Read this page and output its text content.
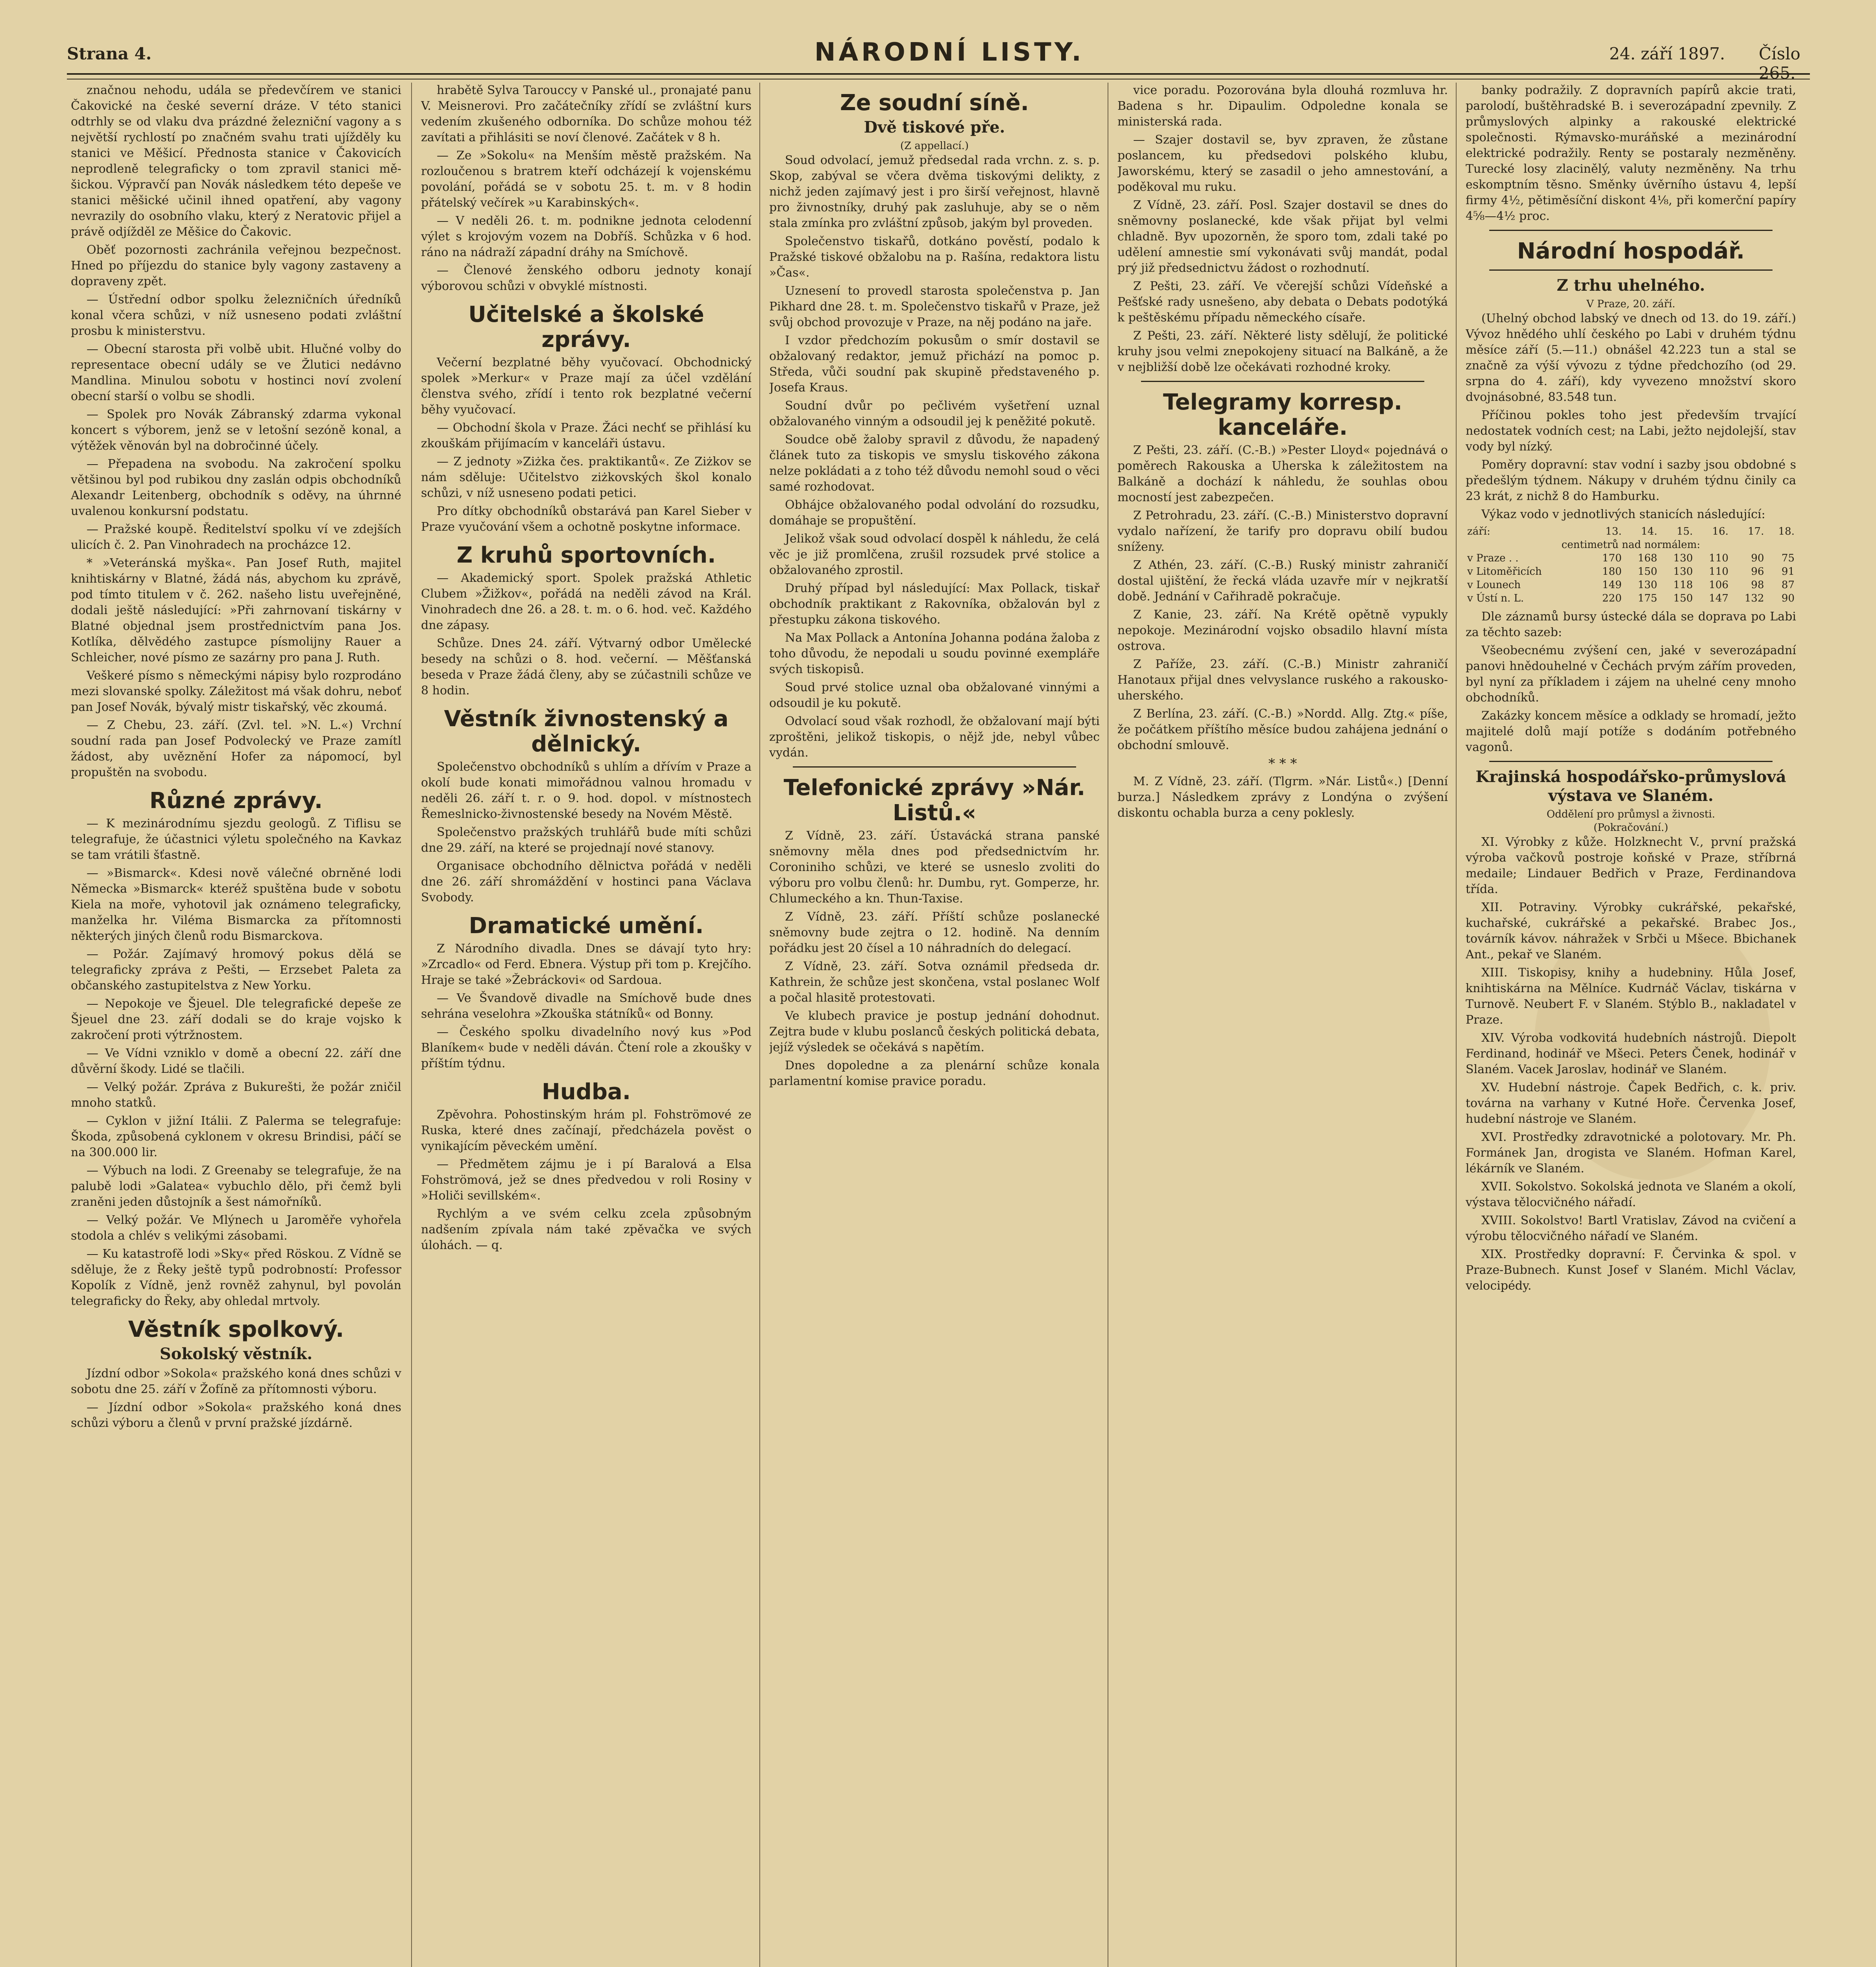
Strana 4.	NÁRODNÍ LISTY.	24. září 1897. Číslo 265.

značnou nehodu, udála se předevčírem ve stanici Čakovické na české severní dráze. V této stanici odtrhly se od vlaku dva prázdné železniční vagony a s největší rychlostí po značném svahu trati ujížděly ku stanici ve Měšicí. Přednosta stanice v Čakovicích neprodleně telegraficky o tom zpravil stanici mě-šickou. Výpravčí pan Novák následkem této depeše ve stanici měšické učinil ihned opatření, aby vagony nevrazily do osobního vlaku, který z Neratovic přijel a právě odjížděl ze Měšice do Čakovic.

Oběť pozornosti zachránila veřejnou bezpečnost. Hned po příjezdu do stanice byly vagony zastaveny a dopraveny zpět.

— Ústřední odbor spolku železničních úředníků konal včera schůzi, v níž usneseno podati zvláštní prosbu k ministerstvu.

— Obecní starosta při volbě ubit. Hlučné volby do representace obecní udály se ve Žlutici nedávno Mandlina. Minulou sobotu v hostinci noví zvolení obecní starší o volbu se shodli.

— Spolek pro Novák Zábranský zdarma vykonal koncert s výborem, jenž se v letošní sezóně konal, a výtěžek věnován byl na dobročinné účely.

— Přepadena na svobodu. Na zakročení spolku většinou byl pod rubikou dny zaslán odpis obchodníků Alexandr Leitenberg, obchodník s oděvy, na úhrnné uvalenou konkursní podstatu.

— Pražské koupě. Ředitelství spolku ví ve zdejších ulicích č. 2. Pan Vinohradech na procházce 12.

* »Veteránská myška«. Pan Josef Ruth, majitel knihtiskárny v Blatné, žádá nás, abychom ku zprávě, pod tímto titulem v č. 262. našeho listu uveřejněné, dodali ještě následující: »Při zahrnovaní tiskárny v Blatné objednal jsem prostřednictvím pana Jos. Kotlíka, dělvědého zastupce písmolijny Rauer a Schleicher, nové písmo ze sazárny pro pana J. Ruth.

Veškeré písmo s německými nápisy bylo rozprodáno mezi slovanské spolky. Záležitost má však dohru, neboť pan Josef Novák, bývalý mistr tiskařský, věc zkoumá.

— Z Chebu, 23. září. (Zvl. tel. »N. L.«) Vrchní soudní rada pan Josef Podvolecký ve Praze zamítl žádost, aby uvěznění Hofer za nápomocí, byl propuštěn na svobodu.

Různé zprávy.

— K mezinárodnímu sjezdu geologů. Z Tiflisu se telegrafuje, že účastnici výletu společného na Kavkaz se tam vrátili šťastně.

— »Bismarck«. Kdesi nově válečné obrněné lodi Německa »Bismarck« kteréž spuštěna bude v sobotu Kiela na moře, vyhotovil jak oznámeno telegraficky, manželka hr. Viléma Bismarcka za přítomnosti některých jiných členů rodu Bismarckova.

— Požár. Zajímavý hromový pokus dělá se telegraficky zpráva z Pešti, — Erzsebet Paleta za občanského zastupitelstva z New Yorku.

— Nepokoje ve Šjeuel. Dle telegrafické depeše ze Šjeuel dne 23. září dodali se do kraje vojsko k zakročení proti výtržnostem.

— Ve Vídni vzniklo v domě a obecní 22. září dne důvěrní škody. Lidé se tlačili.

— Velký požár. Zpráva z Bukurešti, že požár zničil mnoho statků.

— Cyklon v jižní Itálii. Z Palerma se telegrafuje: Škoda, způsobená cyklonem v okresu Brindisi, páčí se na 300.000 lir.

— Výbuch na lodi. Z Greenaby se telegrafuje, že na palubě lodi »Galatea« vybuchlo dělo, při čemž byli zraněni jeden důstojník a šest námořníků.

— Velký požár. Ve Mlýnech u Jaroměře vyhořela stodola a chlév s velikými zásobami.

— Ku katastrofě lodi »Sky« před Röskou. Z Vídně se sděluje, že z Řeky ještě typů podrobností: Professor Kopolík z Vídně, jenž rovněž zahynul, byl povolán telegraficky do Řeky, aby ohledal mrtvoly.

Věstník spolkový.
Sokolský věstník.

Jízdní odbor »Sokola« pražského koná dnes schůzi v sobotu dne 25. září v Žofíně za přítomnosti výboru.

— Jízdní odbor »Sokola« pražského koná dnes schůzi výboru a členů v první pražské jízdárně.

hrabětě Sylva Tarouccy v Panské ul., pronajaté panu V. Meisnerovi. Pro začátečníky zřídí se zvláštní kurs vedením zkušeného odborníka. Do schůze mohou též zavítati a přihlásiti se noví členové. Začátek v 8 h.

— Ze »Sokolu« na Menším městě pražském. Na rozloučenou s bratrem kteří odcházejí k vojenskému povolání, pořádá se v sobotu 25. t. m. v 8 hodin přátelský večírek »u Karabinských«.

— V neděli 26. t. m. podnikne jednota celodenní výlet s krojovým vozem na Dobříš. Schůzka v 6 hod. ráno na nádraží západní dráhy na Smíchově.

— Členové ženského odboru jednoty konají výborovou schůzi v obvyklé místnosti.

Učitelské a školské zprávy.

Večerní bezplatné běhy vyučovací. Obchodnický spolek »Merkur« v Praze mají za účel vzdělání členstva svého, zřídí i tento rok bezplatné večerní běhy vyučovací.

— Obchodní škola v Praze. Žáci nechť se přihlásí ku zkouškám přijímacím v kanceláři ústavu.

— Z jednoty »Ziżka čes. praktikantů«. Ze Ziżkov se nám sděluje: Učitelstvo ziżkovských škol konalo schůzi, v níž usneseno podati petici.

Pro dítky obchodníků obstarává pan Karel Sieber v Praze vyučování všem a ochotně poskytne informace.

Z kruhů sportovních.

— Akademický sport. Spolek pražská Athletic Clubem »Žižkov«, pořádá na neděli závod na Král. Vinohradech dne 26. a 28. t. m. o 6. hod. več. Každého dne zápasy.

Schůze. Dnes 24. září. Výtvarný odbor Umělecké besedy na schůzi o 8. hod. večerní. — Měšťanská beseda v Praze žádá členy, aby se zúčastnili schůze ve 8 hodin.

Věstník živnostenský a dělnický.

Společenstvo obchodníků s uhlím a dřívím v Praze a okolí bude konati mimořádnou valnou hromadu v neděli 26. září t. r. o 9. hod. dopol. v místnostech Řemeslnicko-živnostenské besedy na Novém Městě.

Společenstvo pražských truhlářů bude míti schůzi dne 29. září, na které se projednají nové stanovy.

Organisace obchodního dělnictva pořádá v neděli dne 26. září shromáždění v hostinci pana Václava Svobody.

Dramatické umění.

Z Národního divadla. Dnes se dávají tyto hry: »Zrcadlo« od Ferd. Ebnera. Výstup při tom p. Krejčího. Hraje se také »Žebráckovi« od Sardoua.

— Ve Švandově divadle na Smíchově bude dnes sehrána veselohra »Zkouška státníků« od Bonny.

— Českého spolku divadelního nový kus »Pod Blaníkem« bude v neděli dáván. Čtení role a zkoušky v příštím týdnu.

Hudba.

Zpěvohra. Pohostinským hrám pl. Fohströmové ze Ruska, které dnes začínají, předcházela pověst o vynikajícím pěveckém umění.

— Předmětem zájmu je i pí Baralová a Elsa Fohströmová, jež se dnes předvedou v roli Rosiny v »Holiči sevillském«.

Rychlým a ve svém celku zcela způsobným nadšením zpívala nám také zpěvačka ve svých úlohách. — q.

Ze soudní síně.
Dvě tiskové pře.
(Z appellací.)

Soud odvolací, jemuž předsedal rada vrchn. z. s. p. Skop, zabýval se včera dvěma tiskovými delikty, z nichž jeden zajímavý jest i pro širší veřejnost, hlavně pro živnostníky, druhý pak zasluhuje, aby se o něm stala zmínka pro zvláštní způsob, jakým byl proveden.

Společenstvo tiskařů, dotkáno pověstí, podalo k Pražské tiskové obžalobu na p. Rašína, redaktora listu »Čas«.

Uznesení to provedl starosta společenstva p. Jan Pikhard dne 28. t. m. Společenstvo tiskařů v Praze, jež svůj obchod provozuje v Praze, na něj podáno na jaře.

I vzdor předchozím pokusům o smír dostavil se obžalovaný redaktor, jemuž přichází na pomoc p. Středa, vůči soudní pak skupině představeného p. Josefa Kraus.

Soudní dvůr po pečlivém vyšetření uznal obžalovaného vinným a odsoudil jej k peněžité pokutě.

Soudce obě žaloby spravil z důvodu, že napadený článek tuto za tiskopis ve smyslu tiskového zákona nelze pokládati a z toho též důvodu nemohl soud o věci samé rozhodovat.

Obhájce obžalovaného podal odvolání do rozsudku, domáhaje se propuštění.

Jelikož však soud odvolací dospěl k náhledu, že celá věc je již promlčena, zrušil rozsudek prvé stolice a obžalovaného zprostil.

Druhý případ byl následující: Max Pollack, tiskař obchodník praktikant z Rakovníka, obžalován byl z přestupku zákona tiskového.

Na Max Pollack a Antonína Johanna podána žaloba z toho důvodu, že nepodali u soudu povinné exempláře svých tiskopisů.

Soud prvé stolice uznal oba obžalované vinnými a odsoudil je ku pokutě.

Odvolací soud však rozhodl, že obžalovaní mají býti zproštěni, jelikož tiskopis, o nějž jde, nebyl vůbec vydán.

Telefonické zprávy »Nár. Listů.«

Z Vídně, 23. září. Ústavácká strana panské sněmovny měla dnes pod předsednictvím hr. Coroniniho schůzi, ve které se usneslo zvoliti do výboru pro volbu členů: hr. Dumbu, ryt. Gomperze, hr. Chlumeckého a kn. Thun-Taxise.

Z Vídně, 23. září. Příští schůze poslanecké sněmovny bude zejtra o 12. hodině. Na denním pořádku jest 20 čísel a 10 náhradních do delegací.

Z Vídně, 23. září. Sotva oznámil předseda dr. Kathrein, že schůze jest skončena, vstal poslanec Wolf a počal hlasitě protestovati.

Ve klubech pravice je postup jednání dohodnut. Zejtra bude v klubu poslanců českých politická debata, jejíž výsledek se očekává s napětím.

Dnes dopoledne a za plenární schůze konala parlamentní komise pravice poradu.

vice poradu. Pozorována byla dlouhá rozmluva hr. Badena s hr. Dipaulim. Odpoledne konala se ministerská rada.

— Szajer dostavil se, byv zpraven, že zůstane poslancem, ku předsedovi polského klubu, Jaworskému, který se zasadil o jeho amnestování, a poděkoval mu ruku.

Z Vídně, 23. září. Posl. Szajer dostavil se dnes do sněmovny poslanecké, kde však přijat byl velmi chladně. Byv upozorněn, že sporo tom, zdali také po udělení amnestie smí vykonávati svůj mandát, podal prý již předsednictvu žádost o rozhodnutí.

Z Pešti, 23. září. Ve včerejší schůzi Vídeňské a Pešťské rady usnešeno, aby debata o Debats podotýká k peštěskému případu německého císaře.

Z Pešti, 23. září. Některé listy sdělují, že politické kruhy jsou velmi znepokojeny situací na Balkáně, a že v nejbližší době lze očekávati rozhodné kroky.

Telegramy korresp. kanceláře.

Z Pešti, 23. září. (C.-B.) »Pester Lloyd« pojednává o poměrech Rakouska a Uherska k záležitostem na Balkáně a dochází k náhledu, že souhlas obou mocností jest zabezpečen.

Z Petrohradu, 23. září. (C.-B.) Ministerstvo dopravní vydalo nařízení, že tarify pro dopravu obilí budou sníženy.

Z Athén, 23. září. (C.-B.) Ruský ministr zahraničí dostal ujištění, že řecká vláda uzavře mír v nejkratší době. Jednání v Cařihradě pokračuje.

Z Kanie, 23. září. Na Krétě opětně vypukly nepokoje. Mezinárodní vojsko obsadilo hlavní místa ostrova.

Z Paříže, 23. září. (C.-B.) Ministr zahraničí Hanotaux přijal dnes velvyslance ruského a rakousko-uherského.

Z Berlína, 23. září. (C.-B.) »Nordd. Allg. Ztg.« píše, že počátkem příštího měsíce budou zahájena jednání o obchodní smlouvě.

* * *

M. Z Vídně, 23. září. (Tlgrm. »Nár. Listů«.) [Denní burza.] Následkem zprávy z Londýna o zvýšení diskontu ochabla burza a ceny poklesly.

banky podražily. Z dopravních papírů akcie trati, parolodí, buštěhradské B. i severozápadní zpevnily. Z průmyslových alpinky a rakouské elektrické společnosti. Rýmavsko-muráňské a mezinárodní elektrické podražily. Renty se postaraly nezměněny. Turecké losy zlacinělý, valuty nezměněny. Na trhu eskomptním těsno. Směnky úvěrního ústavu 4, lepší firmy 4½, pětiměsíční diskont 4⅛, při komerční papíry 4⅝—4½ proc.

Národní hospodář.
Z trhu uhelného.
V Praze, 20. září.

(Uhelný obchod labský ve dnech od 13. do 19. září.) Vývoz hnědého uhlí českého po Labi v druhém týdnu měsíce září (5.—11.) obnášel 42.223 tun a stal se značně za výší vývozu z týdne předchozího (od 29. srpna do 4. září), kdy vyvezeno množství skoro dvojnásobné, 83.548 tun.

Příčinou pokles toho jest především trvající nedostatek vodních cest; na Labi, ježto nejdolejší, stav vody byl nízký.

Poměry dopravní: stav vodní i sazby jsou obdobné s předešlým týdnem. Nákupy v druhém týdnu činily ca 23 krát, z nichž 8 do Hamburku.

Výkaz vodo v jednotlivých stanicích následující:

září:	13.	14.	15.	16.	17.	18.
centimetrů nad normálem:						
v Praze . .	170	168	130	110	90	75
v Litoměřicích	180	150	130	110	96	91
v Lounech	149	130	118	106	98	87
v Ústí n. L.	220	175	150	147	132	90

Dle záznamů bursy ústecké dála se doprava po Labi za těchto sazeb:

Všeobecnému zvýšení cen, jaké v severozápadní panovi hnědouhelné v Čechách prvým zářím proveden, byl nyní za příkladem i zájem na uhelné ceny mnoho obchodníků.

Zakázky koncem měsíce a odklady se hromadí, ježto majitelé dolů mají potíže s dodáním potřebného vagonů.

Krajinská hospodářsko-průmyslová výstava ve Slaném.
Oddělení pro průmysl a živnosti.
(Pokračování.)

XI. Výrobky z kůže. Holzknecht V., první pražská výroba vačkovů postroje koňské v Praze, stříbrná medaile; Lindauer Bedřich v Praze, Ferdinandova třída.

XII. Potraviny. Výrobky cukrářské, pekařské, kuchařské, cukrářské a pekařské. Brabec Jos., továrník kávov. náhražek v Srbči u Mšece. Bbichanek Ant., pekař ve Slaném.

XIII. Tiskopisy, knihy a hudebniny. Hůla Josef, knihtiskárna na Mělníce. Kudrnáč Václav, tiskárna v Turnově. Neubert F. v Slaném. Stýblo B., nakladatel v Praze.

XIV. Výroba vodkovitá hudebních nástrojů. Diepolt Ferdinand, hodinář ve Mšeci. Peters Čenek, hodinář v Slaném. Vacek Jaroslav, hodinář ve Slaném.

XV. Hudební nástroje. Čapek Bedřich, c. k. priv. továrna na varhany v Kutné Hoře. Červenka Josef, hudební nástroje ve Slaném.

XVI. Prostředky zdravotnické a polotovary. Mr. Ph. Formánek Jan, drogista ve Slaném. Hofman Karel, lékárník ve Slaném.

XVII. Sokolstvo. Sokolská jednota ve Slaném a okolí, výstava tělocvičného nářadí.

XVIII. Sokolstvo! Bartl Vratislav, Závod na cvičení a výrobu tělocvičného nářadí ve Slaném.

XIX. Prostředky dopravní: F. Červinka & spol. v Praze-Bubnech. Kunst Josef v Slaném. Michl Václav, velocipédy.
